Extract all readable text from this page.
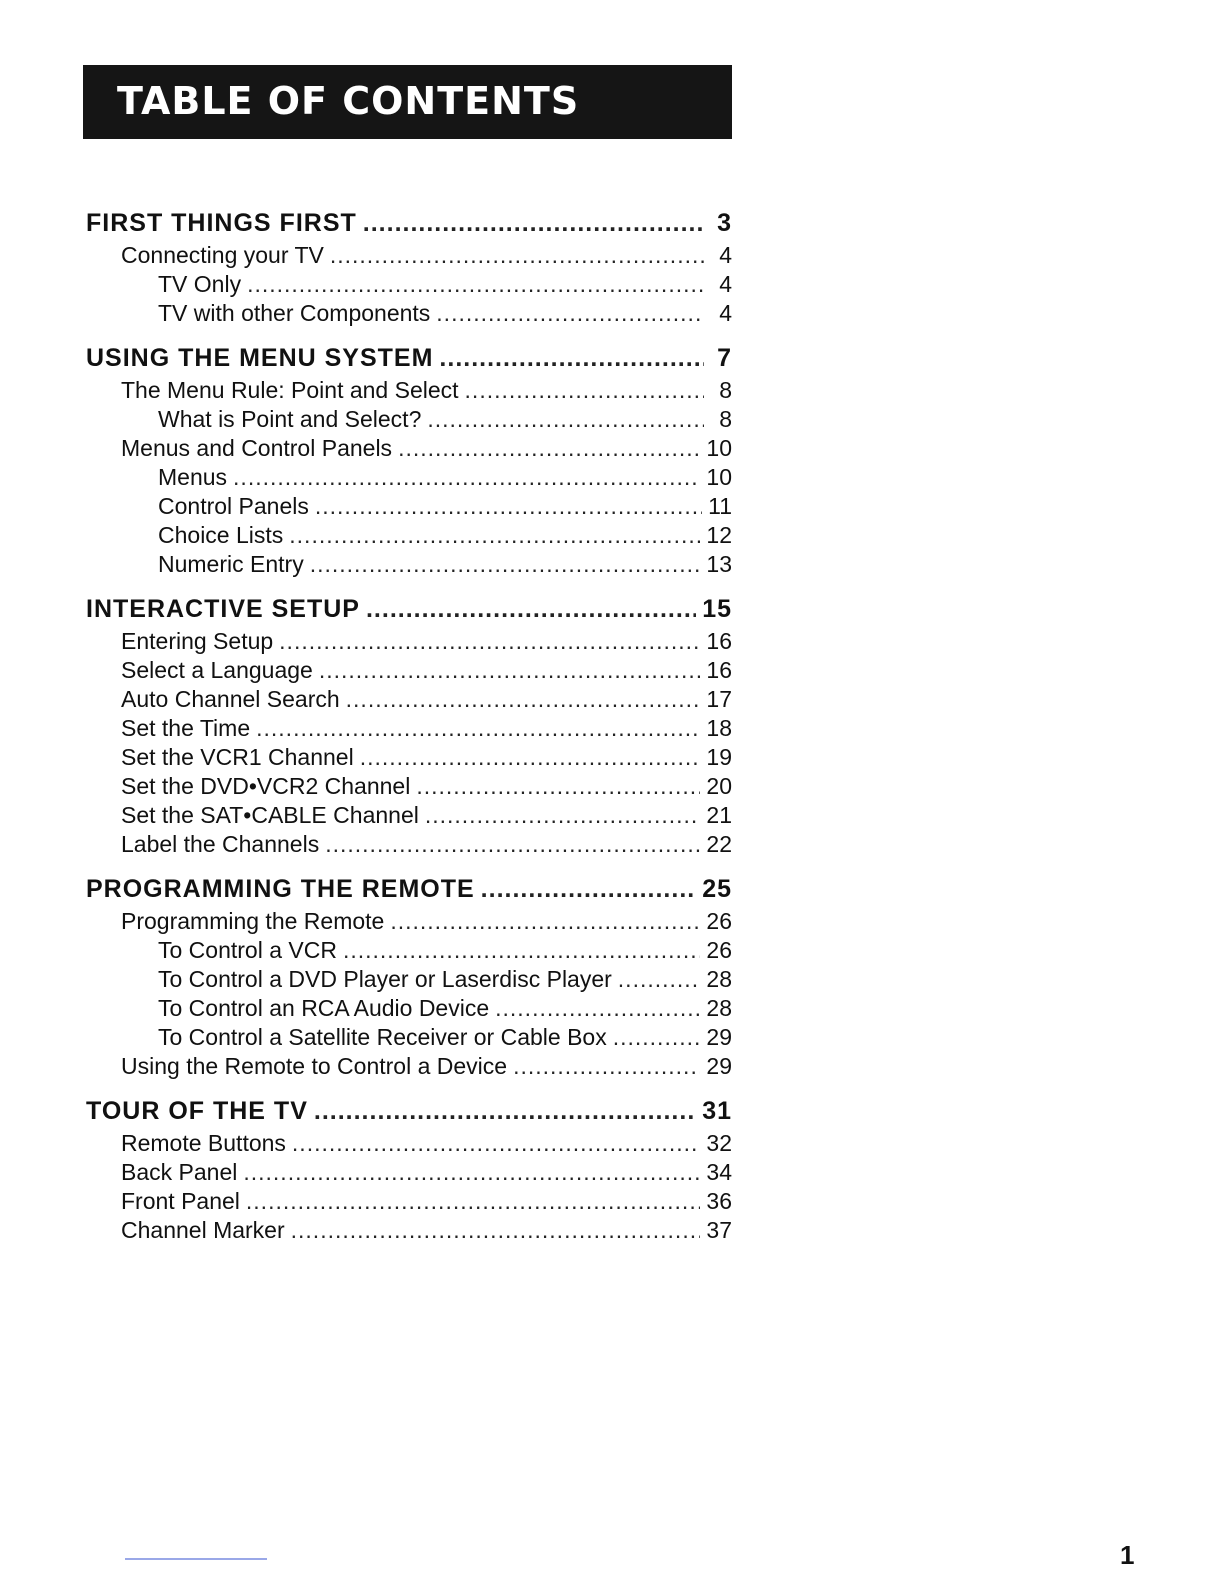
TABLE OF CONTENTS
FIRST THINGS FIRST .....	3
Connecting your TV .....	4
TV Only .....	4
TV with other Components .....	4
USING THE MENU SYSTEM .....	7
The Menu Rule: Point and Select .....	8
What is Point and Select? .....	8
Menus and Control Panels .....	10
Menus .....	10
Control Panels .....	11
Choice Lists .....	12
Numeric Entry .....	13
INTERACTIVE SETUP .....	15
Entering Setup .....	16
Select a Language .....	16
Auto Channel Search .....	17
Set the Time .....	18
Set the VCR1 Channel .....	19
Set the DVD•VCR2 Channel .....	20
Set the SAT•CABLE Channel .....	21
Label the Channels .....	22
PROGRAMMING THE REMOTE .....	25
Programming the Remote .....	26
To Control a VCR .....	26
To Control a DVD Player or Laserdisc Player .....	28
To Control an RCA Audio Device .....	28
To Control a Satellite Receiver or Cable Box .....	29
Using the Remote to Control a Device .....	29
TOUR OF THE TV .....	31
Remote Buttons .....	32
Back Panel .....	34
Front Panel .....	36
Channel Marker .....	37
1
